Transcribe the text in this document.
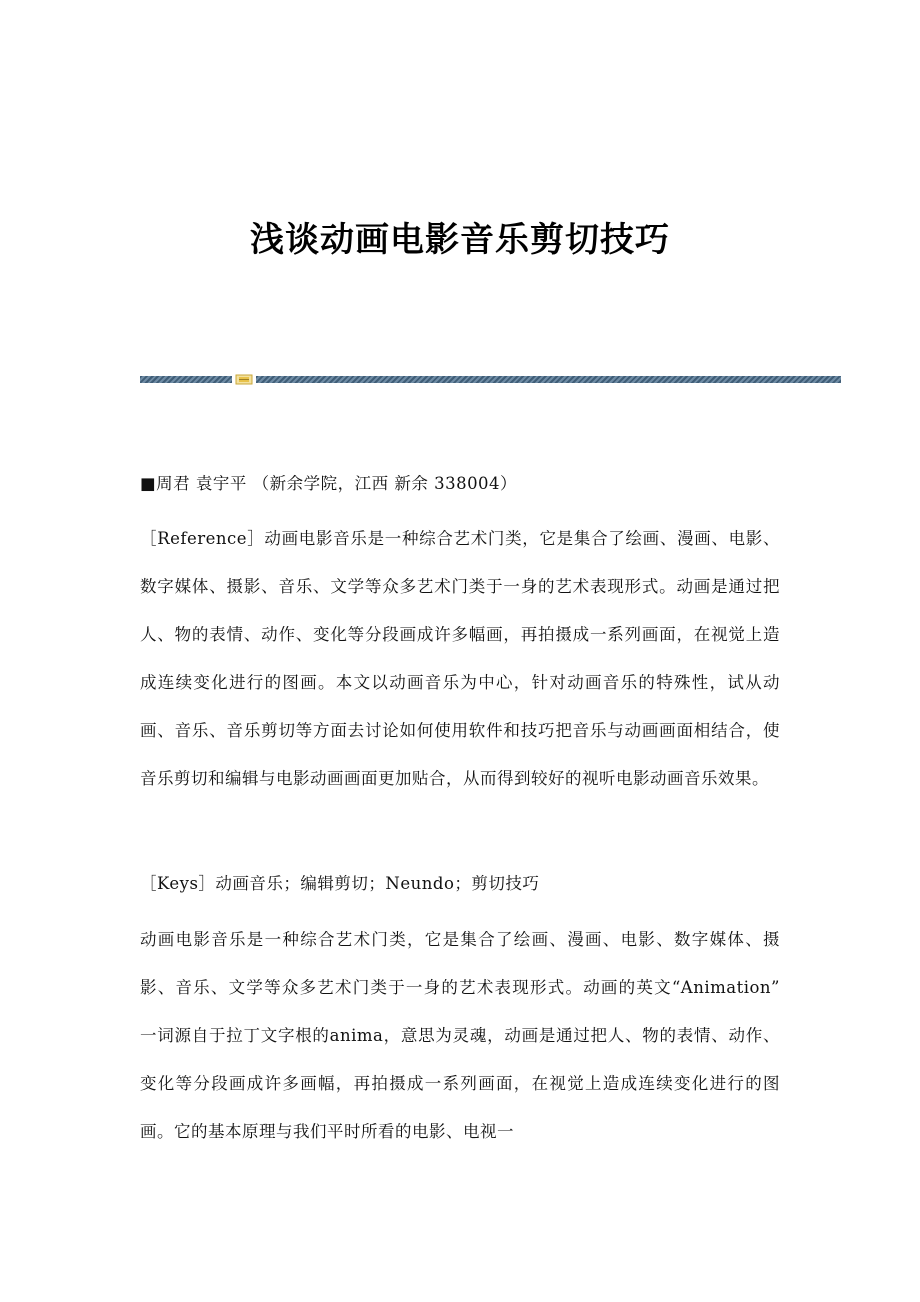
浅谈动画电影音乐剪切技巧

■周君 袁宇平 （新余学院，江西 新余 338004）

［Reference］动画电影音乐是一种综合艺术门类，它是集合了绘画、漫画、电影、数字媒体、摄影、音乐、文学等众多艺术门类于一身的艺术表现形式。动画是通过把人、物的表情、动作、变化等分段画成许多幅画，再拍摄成一系列画面，在视觉上造成连续变化进行的图画。本文以动画音乐为中心，针对动画音乐的特殊性，试从动画、音乐、音乐剪切等方面去讨论如何使用软件和技巧把音乐与动画画面相结合，使音乐剪切和编辑与电影动画画面更加贴合，从而得到较好的视听电影动画音乐效果。

［Keys］动画音乐；编辑剪切；Neundo；剪切技巧

动画电影音乐是一种综合艺术门类，它是集合了绘画、漫画、电影、数字媒体、摄影、音乐、文学等众多艺术门类于一身的艺术表现形式。动画的英文“Animation” 一词源自于拉丁文字根的anima，意思为灵魂，动画是通过把人、物的表情、动作、变化等分段画成许多画幅，再拍摄成一系列画面，在视觉上造成连续变化进行的图画。它的基本原理与我们平时所看的电影、电视一
